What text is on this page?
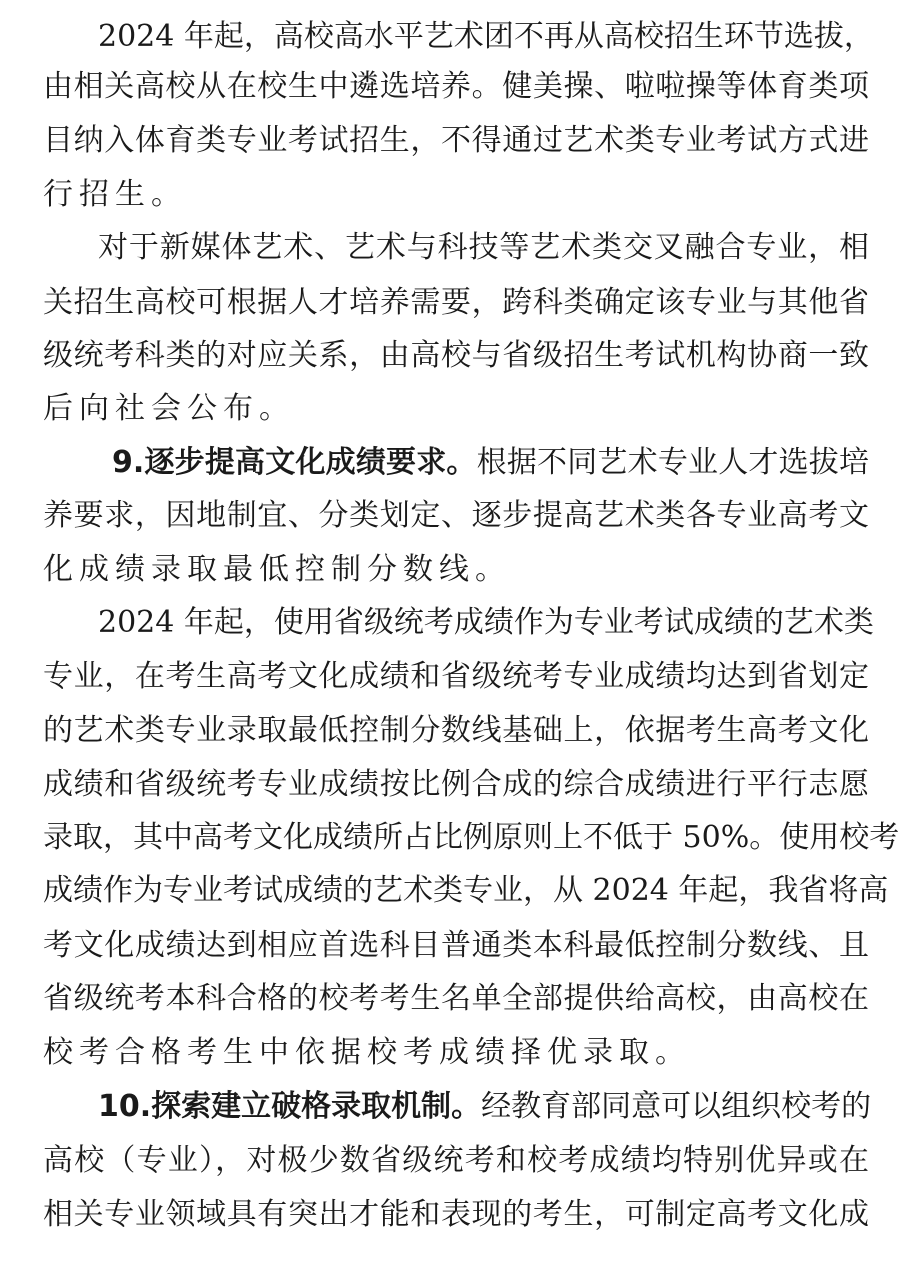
2024 年起，高校高水平艺术团不再从高校招生环节选拔，
由相关高校从在校生中遴选培养。健美操、啦啦操等体育类项
目纳入体育类专业考试招生，不得通过艺术类专业考试方式进
行招生。
对于新媒体艺术、艺术与科技等艺术类交叉融合专业，相
关招生高校可根据人才培养需要，跨科类确定该专业与其他省
级统考科类的对应关系，由高校与省级招生考试机构协商一致
后向社会公布。
9.逐步提高文化成绩要求。根据不同艺术专业人才选拔培
养要求，因地制宜、分类划定、逐步提高艺术类各专业高考文
化成绩录取最低控制分数线。
2024 年起，使用省级统考成绩作为专业考试成绩的艺术类
专业，在考生高考文化成绩和省级统考专业成绩均达到省划定
的艺术类专业录取最低控制分数线基础上，依据考生高考文化
成绩和省级统考专业成绩按比例合成的综合成绩进行平行志愿
录取，其中高考文化成绩所占比例原则上不低于 50%。使用校考
成绩作为专业考试成绩的艺术类专业，从 2024 年起，我省将高
考文化成绩达到相应首选科目普通类本科最低控制分数线、且
省级统考本科合格的校考考生名单全部提供给高校，由高校在
校考合格考生中依据校考成绩择优录取。
10.探索建立破格录取机制。经教育部同意可以组织校考的
高校（专业），对极少数省级统考和校考成绩均特别优异或在
相关专业领域具有突出才能和表现的考生，可制定高考文化成
